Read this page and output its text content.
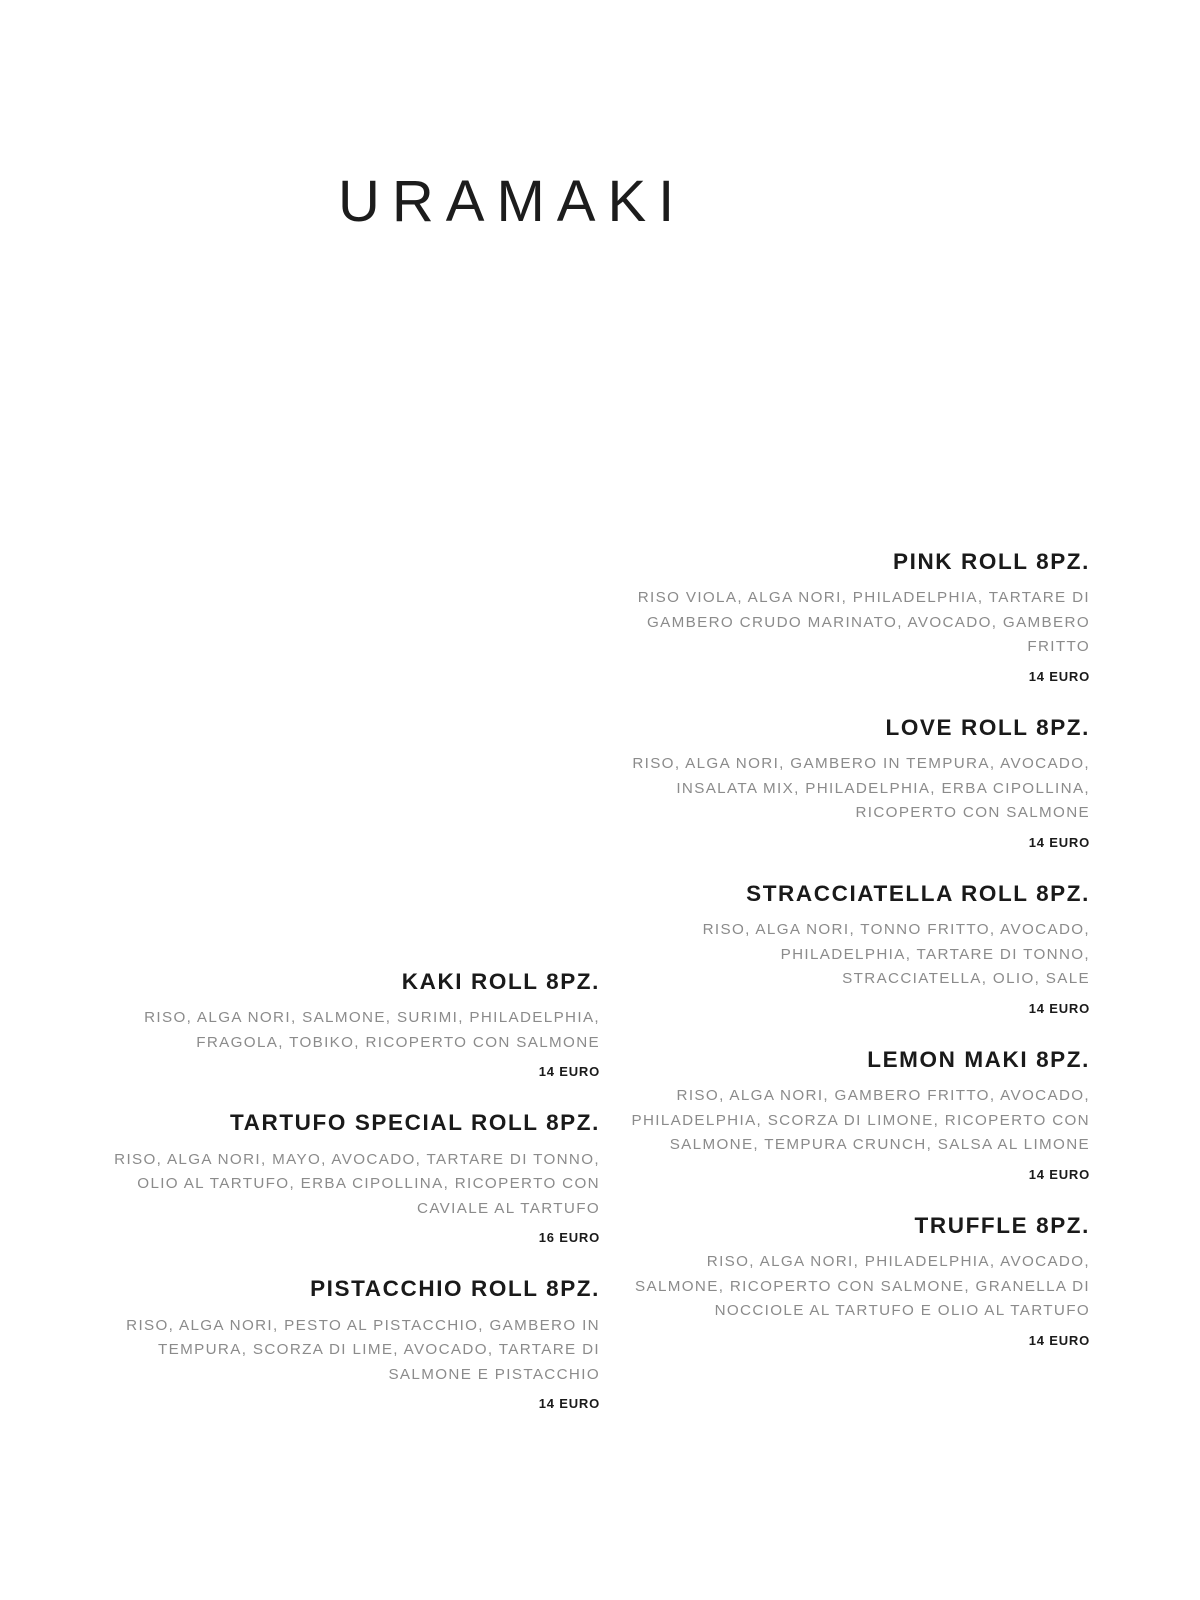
URAMAKI
PINK ROLL 8PZ.
RISO VIOLA, ALGA NORI, PHILADELPHIA, TARTARE DI GAMBERO CRUDO MARINATO, AVOCADO, GAMBERO FRITTO
14 EURO
LOVE ROLL 8PZ.
RISO, ALGA NORI, GAMBERO IN TEMPURA, AVOCADO, INSALATA MIX, PHILADELPHIA, ERBA CIPOLLINA, RICOPERTO CON SALMONE
14 EURO
STRACCIATELLA ROLL 8PZ.
RISO, ALGA NORI, TONNO FRITTO, AVOCADO, PHILADELPHIA, TARTARE DI TONNO, STRACCIATELLA, OLIO, SALE
14 EURO
LEMON MAKI 8PZ.
RISO, ALGA NORI, GAMBERO FRITTO, AVOCADO, PHILADELPHIA, SCORZA DI LIMONE, RICOPERTO CON SALMONE, TEMPURA CRUNCH, SALSA AL LIMONE
14 EURO
TRUFFLE 8PZ.
RISO, ALGA NORI, PHILADELPHIA, AVOCADO, SALMONE, RICOPERTO CON SALMONE, GRANELLA DI NOCCIOLE AL TARTUFO E OLIO AL TARTUFO
14 EURO
KAKI ROLL 8PZ.
RISO, ALGA NORI, SALMONE, SURIMI, PHILADELPHIA, FRAGOLA, TOBIKO, RICOPERTO CON SALMONE
14 EURO
TARTUFO SPECIAL ROLL 8PZ.
RISO, ALGA NORI, MAYO, AVOCADO, TARTARE DI TONNO, OLIO AL TARTUFO, ERBA CIPOLLINA, RICOPERTO CON CAVIALE AL TARTUFO
16 EURO
PISTACCHIO ROLL 8PZ.
RISO, ALGA NORI, PESTO AL PISTACCHIO, GAMBERO IN TEMPURA, SCORZA DI LIME, AVOCADO, TARTARE DI SALMONE E PISTACCHIO
14 EURO
